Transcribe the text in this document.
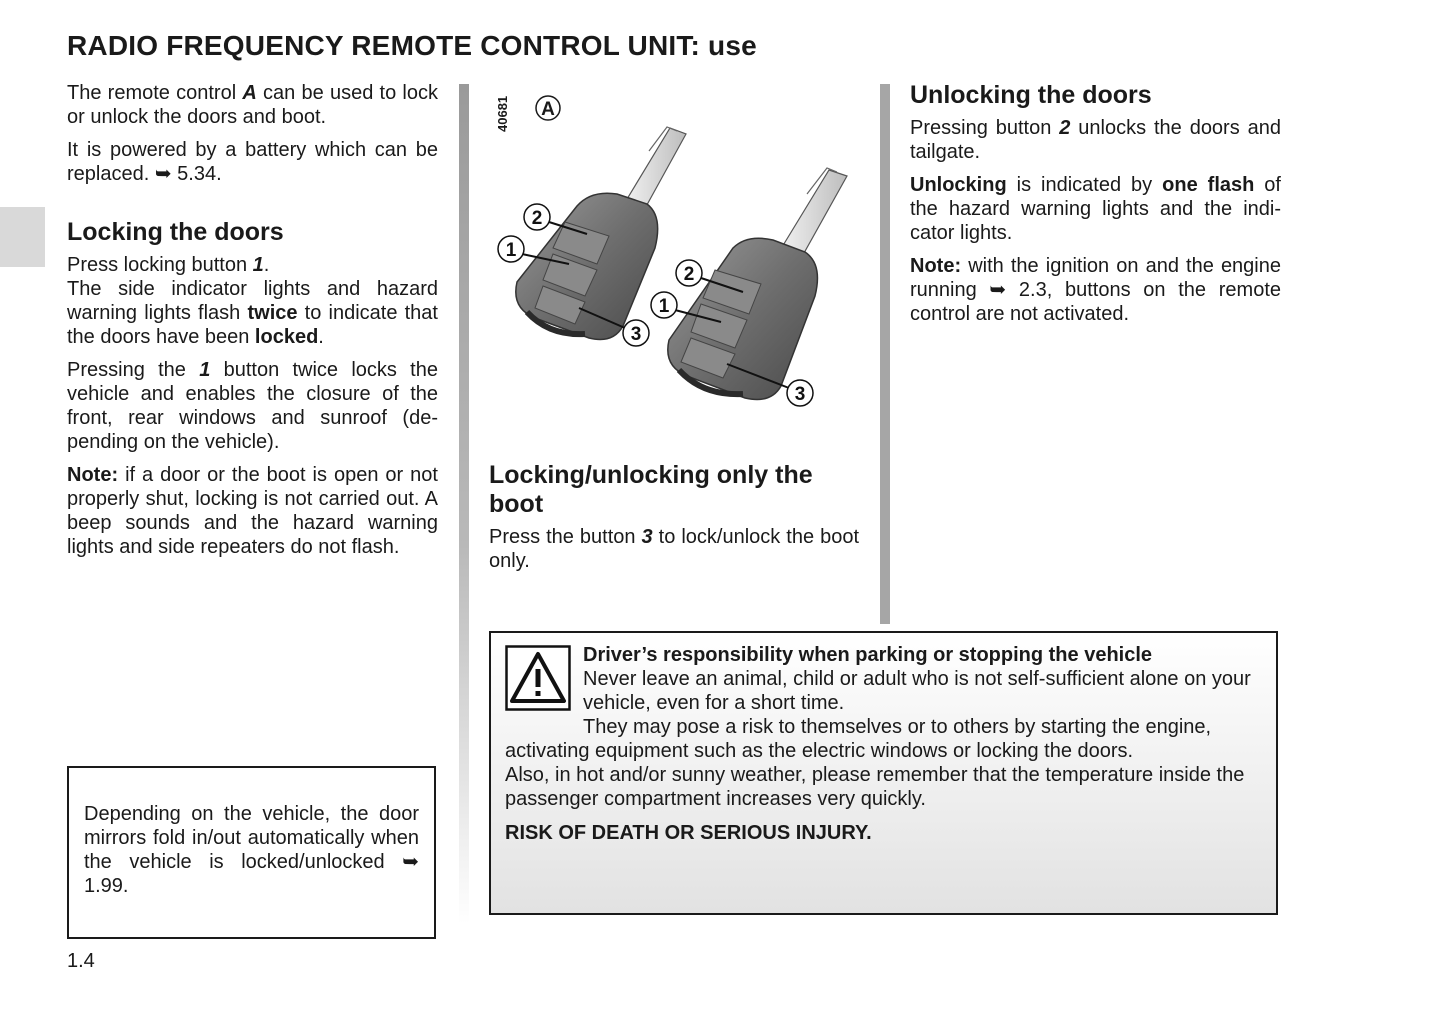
RADIO FREQUENCY REMOTE CONTROL UNIT: use

The remote control A can be used to lock or unlock the doors and boot.

It is powered by a battery which can be replaced. ➥ 5.34.

Locking the doors

Press locking button 1.
The side indicator lights and hazard warning lights flash twice to indicate that the doors have been locked.

Pressing the 1 button twice locks the vehicle and enables the closure of the front, rear windows and sunroof (depending on the vehicle).

Note: if a door or the boot is open or not properly shut, locking is not carried out. A beep sounds and the hazard warning lights and side repeaters do not flash.

Depending on the vehicle, the door mirrors fold in/out automatically when the vehicle is locked/unlocked ➥ 1.99.

40681 A
2
1
3
2
1
3
Locking/unlocking only the boot

Press the button 3 to lock/unlock the boot only.

Unlocking the doors

Pressing button 2 unlocks the doors and tailgate.

Unlocking is indicated by one flash of the hazard warning lights and the indicator lights.

Note: with the ignition on and the engine running ➥ 2.3, buttons on the remote control are not activated.

Driver’s responsibility when parking or stopping the vehicle

Never leave an animal, child or adult who is not self-sufficient alone on your vehicle, even for a short time.

They may pose a risk to themselves or to others by starting the engine, activating equipment such as the electric windows or locking the doors.

Also, in hot and/or sunny weather, please remember that the temperature inside the passenger compartment increases very quickly.

RISK OF DEATH OR SERIOUS INJURY.

1.4
